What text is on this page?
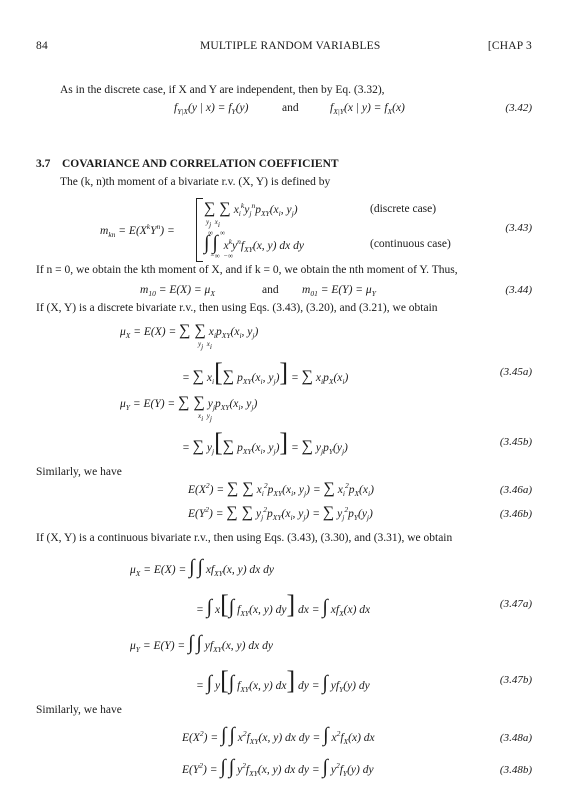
84	MULTIPLE RANDOM VARIABLES	[CHAP 3
As in the discrete case, if X and Y are independent, then by Eq. (3.32),
$f_{Y|X}(y$ | $x) = f_Y(y)$	and	$f_{X|Y}(x$ | $y) = f_X(x)$	(3.42)
3.7 COVARIANCE AND CORRELATION COEFFICIENT
The (k, n)th moment of a bivariate r.v. (X, Y) is defined by
$m_{kn} = E(X^kY^n)$ =
∑ ∑ $x_i^ky_j^np_{XY}(x_i$, $y_j$)
yj  xi
(discrete case)
∫ ∫  $x^ky^nf_{XY}(x$, y) dx dy
∞    ∞
−∞  −∞
(continuous case)
(3.43)
If n = 0, we obtain the kth moment of X, and if k = 0, we obtain the nth moment of Y. Thus,
$m_{10} = E(X) = \mu_X$	and $m_{01} = E(Y) = \mu_Y$	(3.44)
If (X, Y) is a discrete bivariate r.v., then using Eqs. (3.43), (3.20), and (3.21), we obtain
$\mu_X = E(X)$ = ∑ ∑ $x_ip_{XY}(x_i$, $y_j$)
yj  xi
= ∑ $x_i[\sum$ $p_{XY}(x_i$, $y_j$)] = ∑ $x_ip_X(x_i)$	(3.45a)
$\mu_Y = E(Y)$ = ∑ ∑ $y_jp_{XY}(x_i$, $y_j$)
xi  yj
= ∑ $y_j[\sum$ $p_{XY}(x_i$, $y_j$)] = ∑ $y_jp_Y(y_j)$	(3.45b)
Similarly, we have
$E(X^2)$ = ∑ ∑ $x_i^2p_{XY}(x_i$, $y_j$) = ∑ $x_i^2p_X(x_i)$	(3.46a)
$E(Y^2)$ = ∑ ∑ $y_j^2p_{XY}(x_i$, $y_j$) = ∑ $y_j^2p_Y(y_j)$	(3.46b)
If (X, Y) is a continuous bivariate r.v., then using Eqs. (3.43), (3.30), and (3.31), we obtain
$\mu_X = E(X)$ = ∫ ∫ $xf_{XY}(x$, y) dx dy
= ∫ x[∫ $f_{XY}(x$, y) dy] dx = ∫ $xf_X(x)$ dx	(3.47a)
$\mu_Y = E(Y)$ = ∫ ∫ $yf_{XY}(x$, y) dx dy
= ∫ y[∫ $f_{XY}(x$, y) dx] dy = ∫ $yf_Y(y)$ dy	(3.47b)
Similarly, we have
$E(X^2)$ = ∫ ∫ $x^2f_{XY}(x$, y) dx dy = ∫ $x^2f_X(x)$ dx	(3.48a)
$E(Y^2)$ = ∫ ∫ $y^2f_{XY}(x$, y) dx dy = ∫ $y^2f_Y(y)$ dy	(3.48b)
